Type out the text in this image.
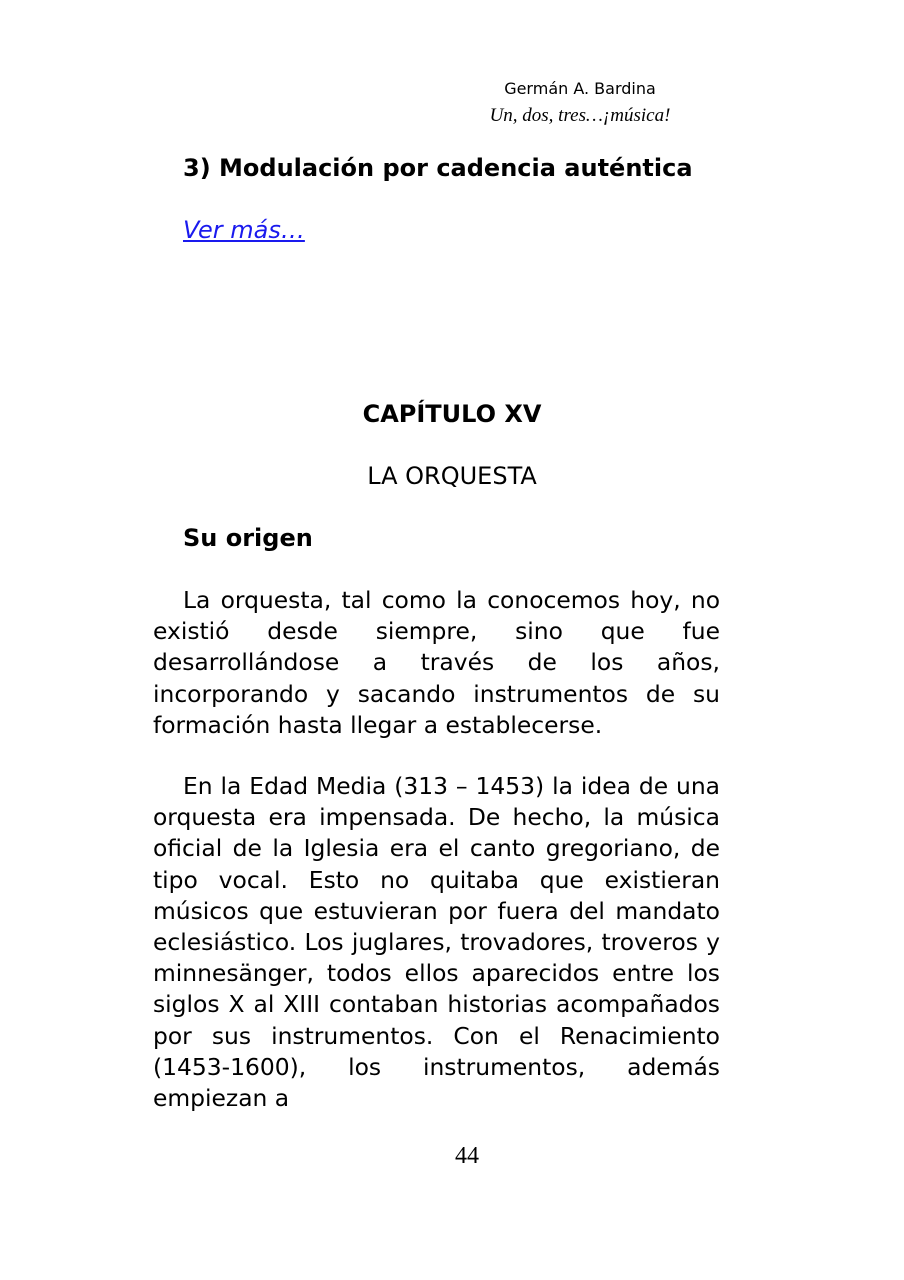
Germán A. Bardina
Un, dos, tres…¡música!
3) Modulación por cadencia auténtica
Ver más…
CAPÍTULO XV
LA ORQUESTA
Su origen

La orquesta, tal como la conocemos hoy, no existió desde siempre, sino que fue desarrollándose a través de los años, incorporando y sacando instrumentos de su formación hasta llegar a establecerse.

En la Edad Media (313 – 1453) la idea de una orquesta era impensada. De hecho, la música oficial de la Iglesia era el canto gregoriano, de tipo vocal. Esto no quitaba que existieran músicos que estuvieran por fuera del mandato eclesiástico. Los juglares, trovadores, troveros y minnesänger, todos ellos aparecidos entre los siglos X al XIII contaban historias acompañados por sus instrumentos. Con el Renacimiento (1453-1600), los instrumentos, además empiezan a

44
